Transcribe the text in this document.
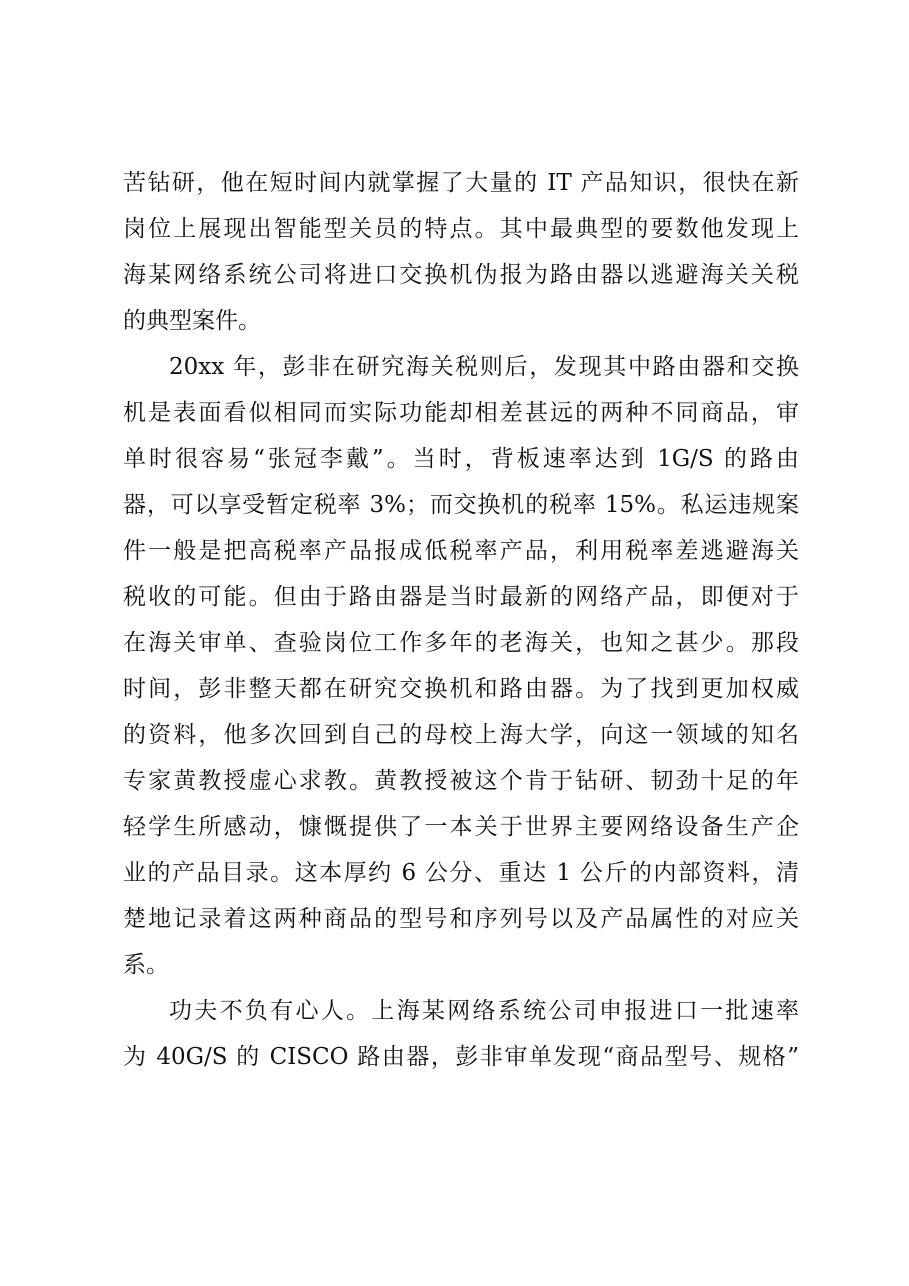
苦钻研，他在短时间内就掌握了大量的 IT 产品知识，很快在新
岗位上展现出智能型关员的特点。其中最典型的要数他发现上
海某网络系统公司将进口交换机伪报为路由器以逃避海关关税
的典型案件。
20xx 年，彭非在研究海关税则后，发现其中路由器和交换
机是表面看似相同而实际功能却相差甚远的两种不同商品，审
单时很容易“张冠李戴”。当时，背板速率达到 1G/S 的路由
器，可以享受暂定税率 3%；而交换机的税率 15%。私运违规案
件一般是把高税率产品报成低税率产品，利用税率差逃避海关
税收的可能。但由于路由器是当时最新的网络产品，即便对于
在海关审单、查验岗位工作多年的老海关，也知之甚少。那段
时间，彭非整天都在研究交换机和路由器。为了找到更加权威
的资料，他多次回到自己的母校上海大学，向这一领域的知名
专家黄教授虚心求教。黄教授被这个肯于钻研、韧劲十足的年
轻学生所感动，慷慨提供了一本关于世界主要网络设备生产企
业的产品目录。这本厚约 6 公分、重达 1 公斤的内部资料，清
楚地记录着这两种商品的型号和序列号以及产品属性的对应关
系。
功夫不负有心人。上海某网络系统公司申报进口一批速率
为 40G/S 的 CISCO 路由器，彭非审单发现“商品型号、规格”
